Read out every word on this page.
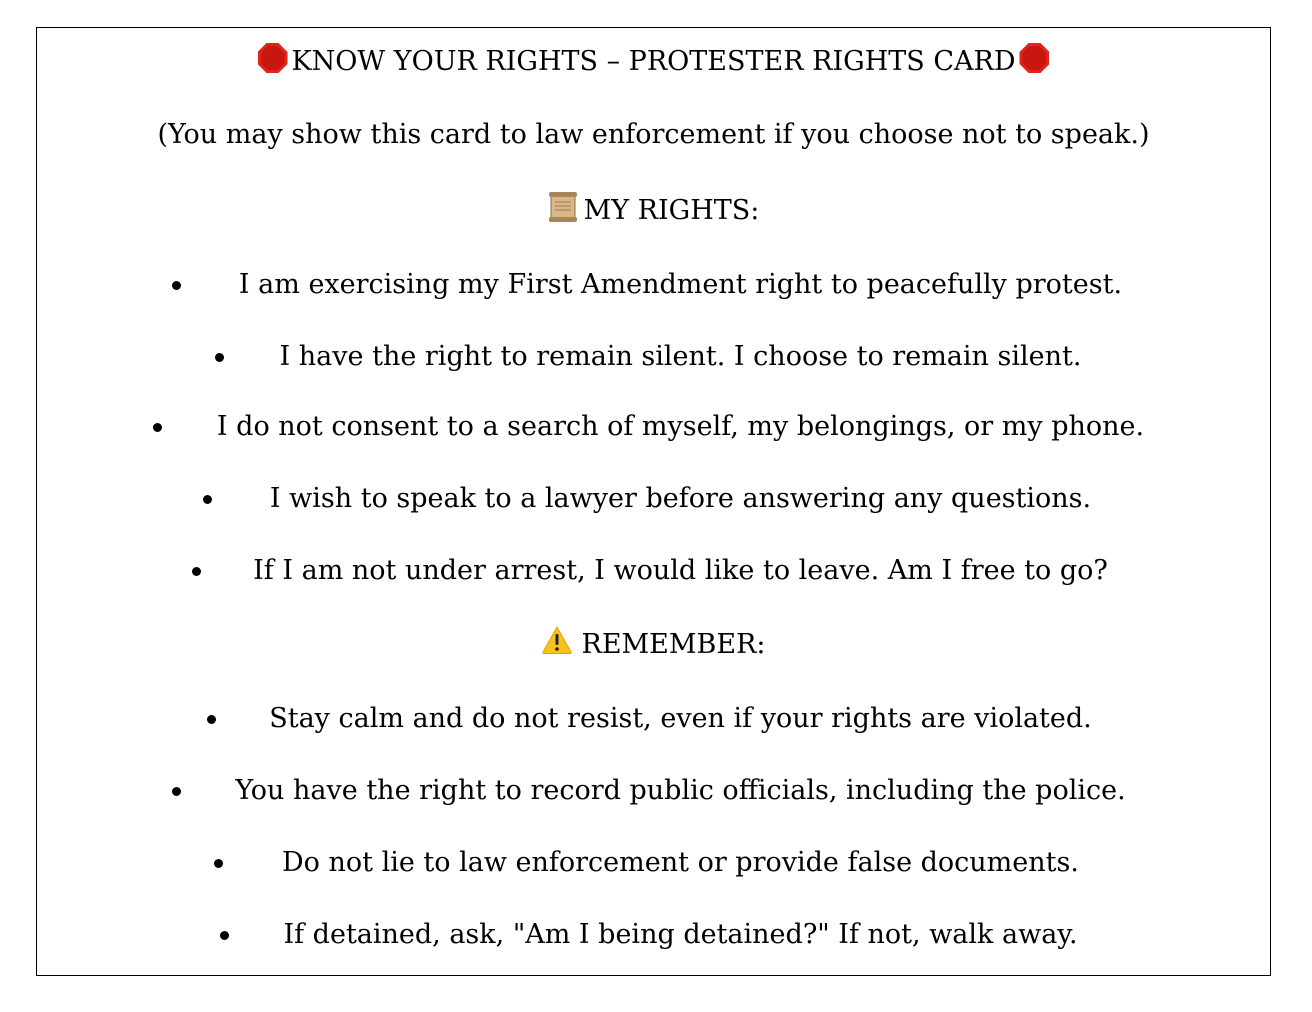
KNOW YOUR RIGHTS – PROTESTER RIGHTS CARD
(You may show this card to law enforcement if you choose not to speak.)
MY RIGHTS:
I am exercising my First Amendment right to peacefully protest.
I have the right to remain silent. I choose to remain silent.
I do not consent to a search of myself, my belongings, or my phone.
I wish to speak to a lawyer before answering any questions.
If I am not under arrest, I would like to leave. Am I free to go?
REMEMBER:
Stay calm and do not resist, even if your rights are violated.
You have the right to record public officials, including the police.
Do not lie to law enforcement or provide false documents.
If detained, ask, "Am I being detained?" If not, walk away.
